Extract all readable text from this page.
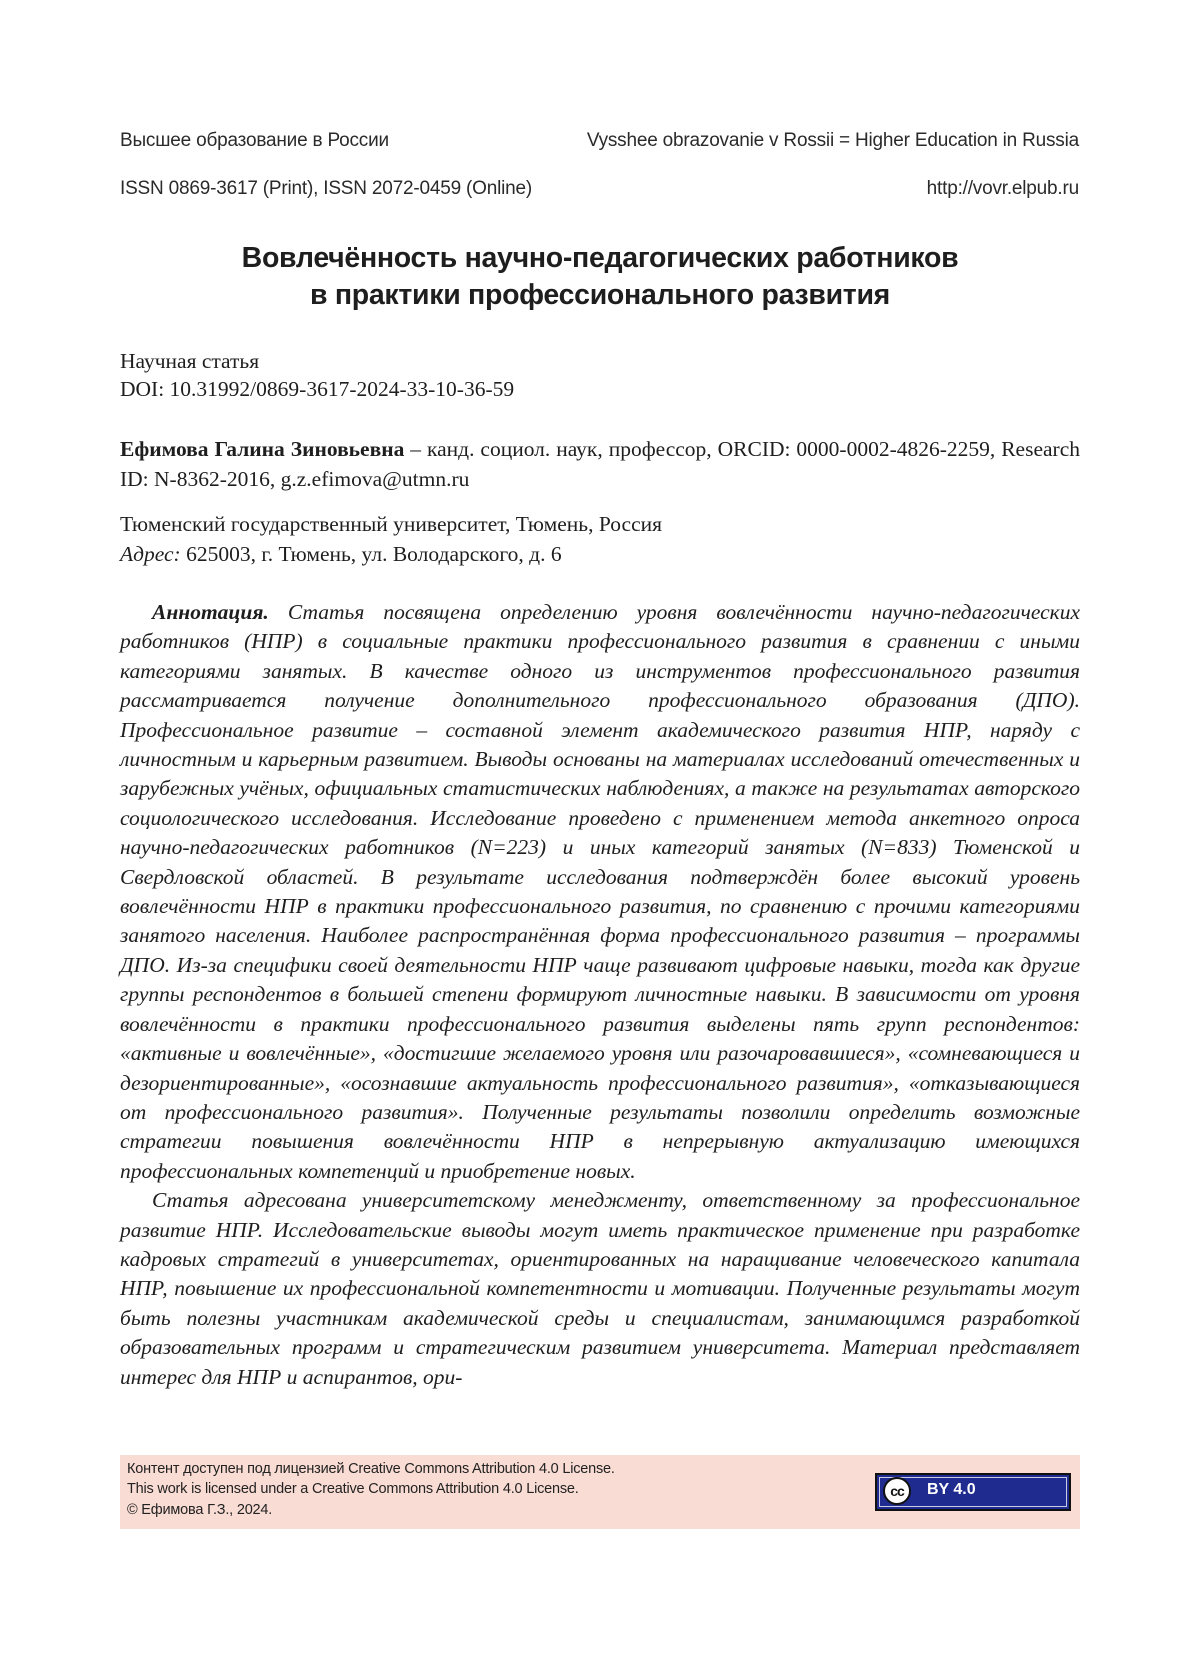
Высшее образование в России	Vysshee obrazovanie v Rossii = Higher Education in Russia
ISSN 0869-3617 (Print), ISSN 2072-0459 (Online)	http://vovr.elpub.ru
Вовлечённость научно-педагогических работников
в практики профессионального развития
Научная статья
DOI: 10.31992/0869-3617-2024-33-10-36-59
Ефимова Галина Зиновьевна – канд. социол. наук, профессор, ORCID: 0000-0002-4826-2259, Research ID: N-8362-2016, g.z.efimova@utmn.ru
Тюменский государственный университет, Тюмень, Россия
Адрес: 625003, г. Тюмень, ул. Володарского, д. 6

Аннотация. Статья посвящена определению уровня вовлечённости научно-педагогических работников (НПР) в социальные практики профессионального развития в сравнении с иными категориями занятых. В качестве одного из инструментов профессионального развития рассматривается получение дополнительного профессионального образования (ДПО). Профессиональное развитие – составной элемент академического развития НПР, наряду с личностным и карьерным развитием. Выводы основаны на материалах исследований отечественных и зарубежных учёных, официальных статистических наблюдениях, а также на результатах авторского социологического исследования. Исследование проведено с применением метода анкетного опроса научно-педагогических работников (N=223) и иных категорий занятых (N=833) Тюменской и Свердловской областей. В результате исследования подтверждён более высокий уровень вовлечённости НПР в практики профессионального развития, по сравнению с прочими категориями занятого населения. Наиболее распространённая форма профессионального развития – программы ДПО. Из-за специфики своей деятельности НПР чаще развивают цифровые навыки, тогда как другие группы респондентов в большей степени формируют личностные навыки. В зависимости от уровня вовлечённости в практики профессионального развития выделены пять групп респондентов: «активные и вовлечённые», «достигшие желаемого уровня или разочаровавшиеся», «сомневающиеся и дезориентированные», «осознавшие актуальность профессионального развития», «отказывающиеся от профессионального развития». Полученные результаты позволили определить возможные стратегии повышения вовлечённости НПР в непрерывную актуализацию имеющихся профессиональных компетенций и приобретение новых.

Статья адресована университетскому менеджменту, ответственному за профессиональное развитие НПР. Исследовательские выводы могут иметь практическое применение при разработке кадровых стратегий в университетах, ориентированных на наращивание человеческого капитала НПР, повышение их профессиональной компетентности и мотивации. Полученные результаты могут быть полезны участникам академической среды и специалистам, занимающимся разработкой образовательных программ и стратегическим развитием университета. Материал представляет интерес для НПР и аспирантов, ори-

Контент доступен под лицензией Creative Commons Attribution 4.0 License.
This work is licensed under a Creative Commons Attribution 4.0 License.
© Ефимова Г.З., 2024.
cc	BY 4.0
